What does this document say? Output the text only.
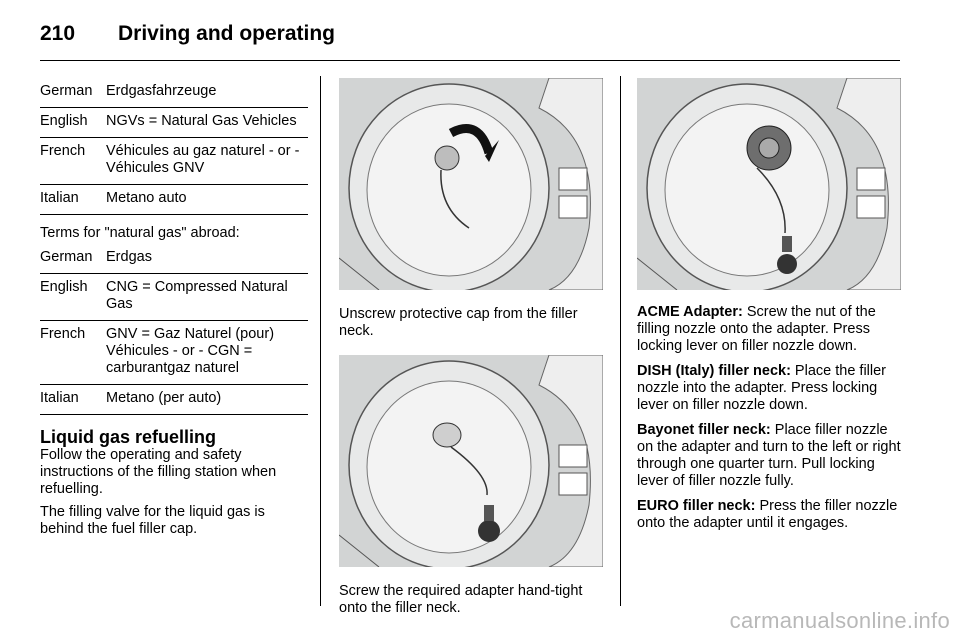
210 Driving and operating
German	Erdgasfahrzeuge
English	NGVs = Natural Gas Vehicles
French	Véhicules au gaz naturel - or - Véhicules GNV
Italian	Metano auto

Terms for "natural gas" abroad:

German	Erdgas
English	CNG = Compressed Natural Gas
French	GNV = Gaz Naturel (pour) Véhicules - or - CGN = carburantgaz naturel
Italian	Metano (per auto)
Liquid gas refuelling

Follow the operating and safety instructions of the filling station when refuelling.

The filling valve for the liquid gas is behind the fuel filler cap.

Unscrew protective cap from the filler neck.

Screw the required adapter hand-tight onto the filler neck.

ACME Adapter: Screw the nut of the filling nozzle onto the adapter. Press locking lever on filler nozzle down.

DISH (Italy) filler neck: Place the filler nozzle into the adapter. Press locking lever on filler nozzle down.

Bayonet filler neck: Place filler nozzle on the adapter and turn to the left or right through one quarter turn. Pull locking lever of filler nozzle fully.

EURO filler neck: Press the filler nozzle onto the adapter until it engages.

carmanualsonline.info
